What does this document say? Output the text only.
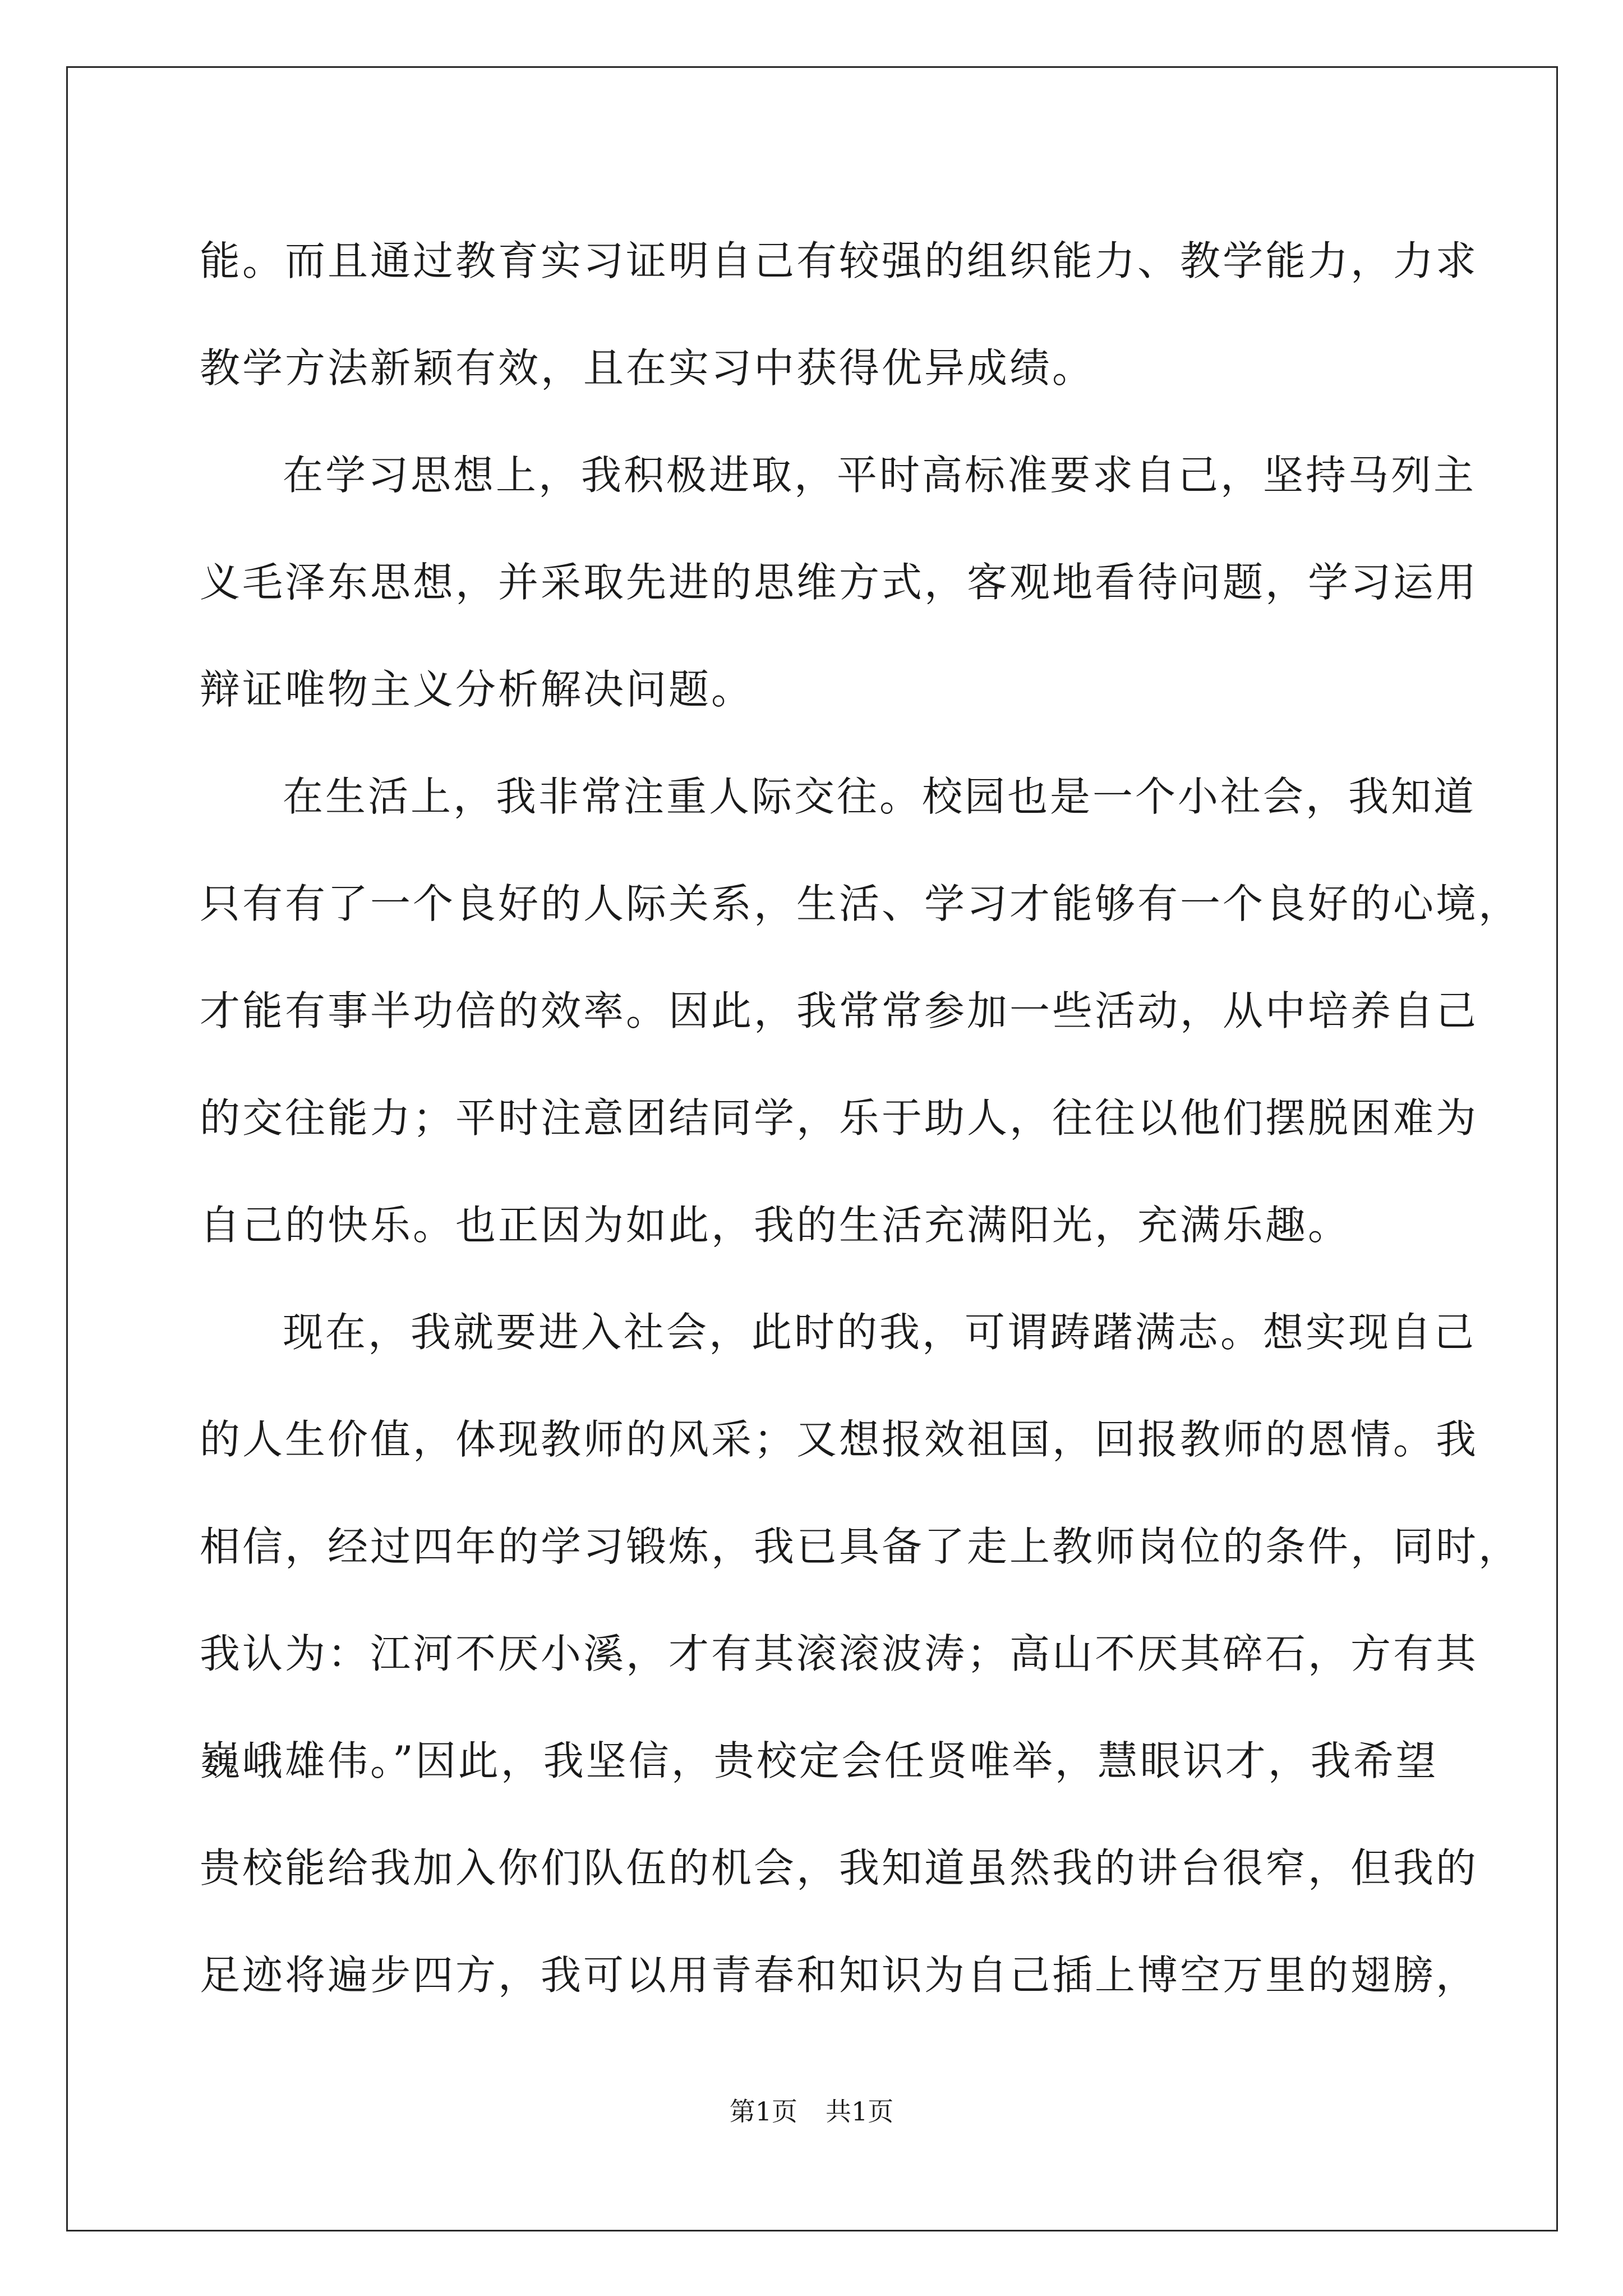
能。而且通过教育实习证明自己有较强的组织能力、教学能力，力求
教学方法新颖有效，且在实习中获得优异成绩。
在学习思想上，我积极进取，平时高标准要求自己，坚持马列主
义毛泽东思想，并采取先进的思维方式，客观地看待问题，学习运用
辩证唯物主义分析解决问题。
在生活上，我非常注重人际交往。校园也是一个小社会，我知道
只有有了一个良好的人际关系，生活、学习才能够有一个良好的心境，
才能有事半功倍的效率。因此，我常常参加一些活动，从中培养自己
的交往能力；平时注意团结同学，乐于助人，往往以他们摆脱困难为
自己的快乐。也正因为如此，我的生活充满阳光，充满乐趣。
现在，我就要进入社会，此时的我，可谓踌躇满志。想实现自己
的人生价值，体现教师的风采；又想报效祖国，回报教师的恩情。我
相信，经过四年的学习锻炼，我已具备了走上教师岗位的条件，同时，
我认为：江河不厌小溪，才有其滚滚波涛；高山不厌其碎石，方有其
巍峨雄伟。”因此，我坚信，贵校定会任贤唯举，慧眼识才，我希望
贵校能给我加入你们队伍的机会，我知道虽然我的讲台很窄，但我的
足迹将遍步四方，我可以用青春和知识为自己插上博空万里的翅膀，
第1页 共1页
